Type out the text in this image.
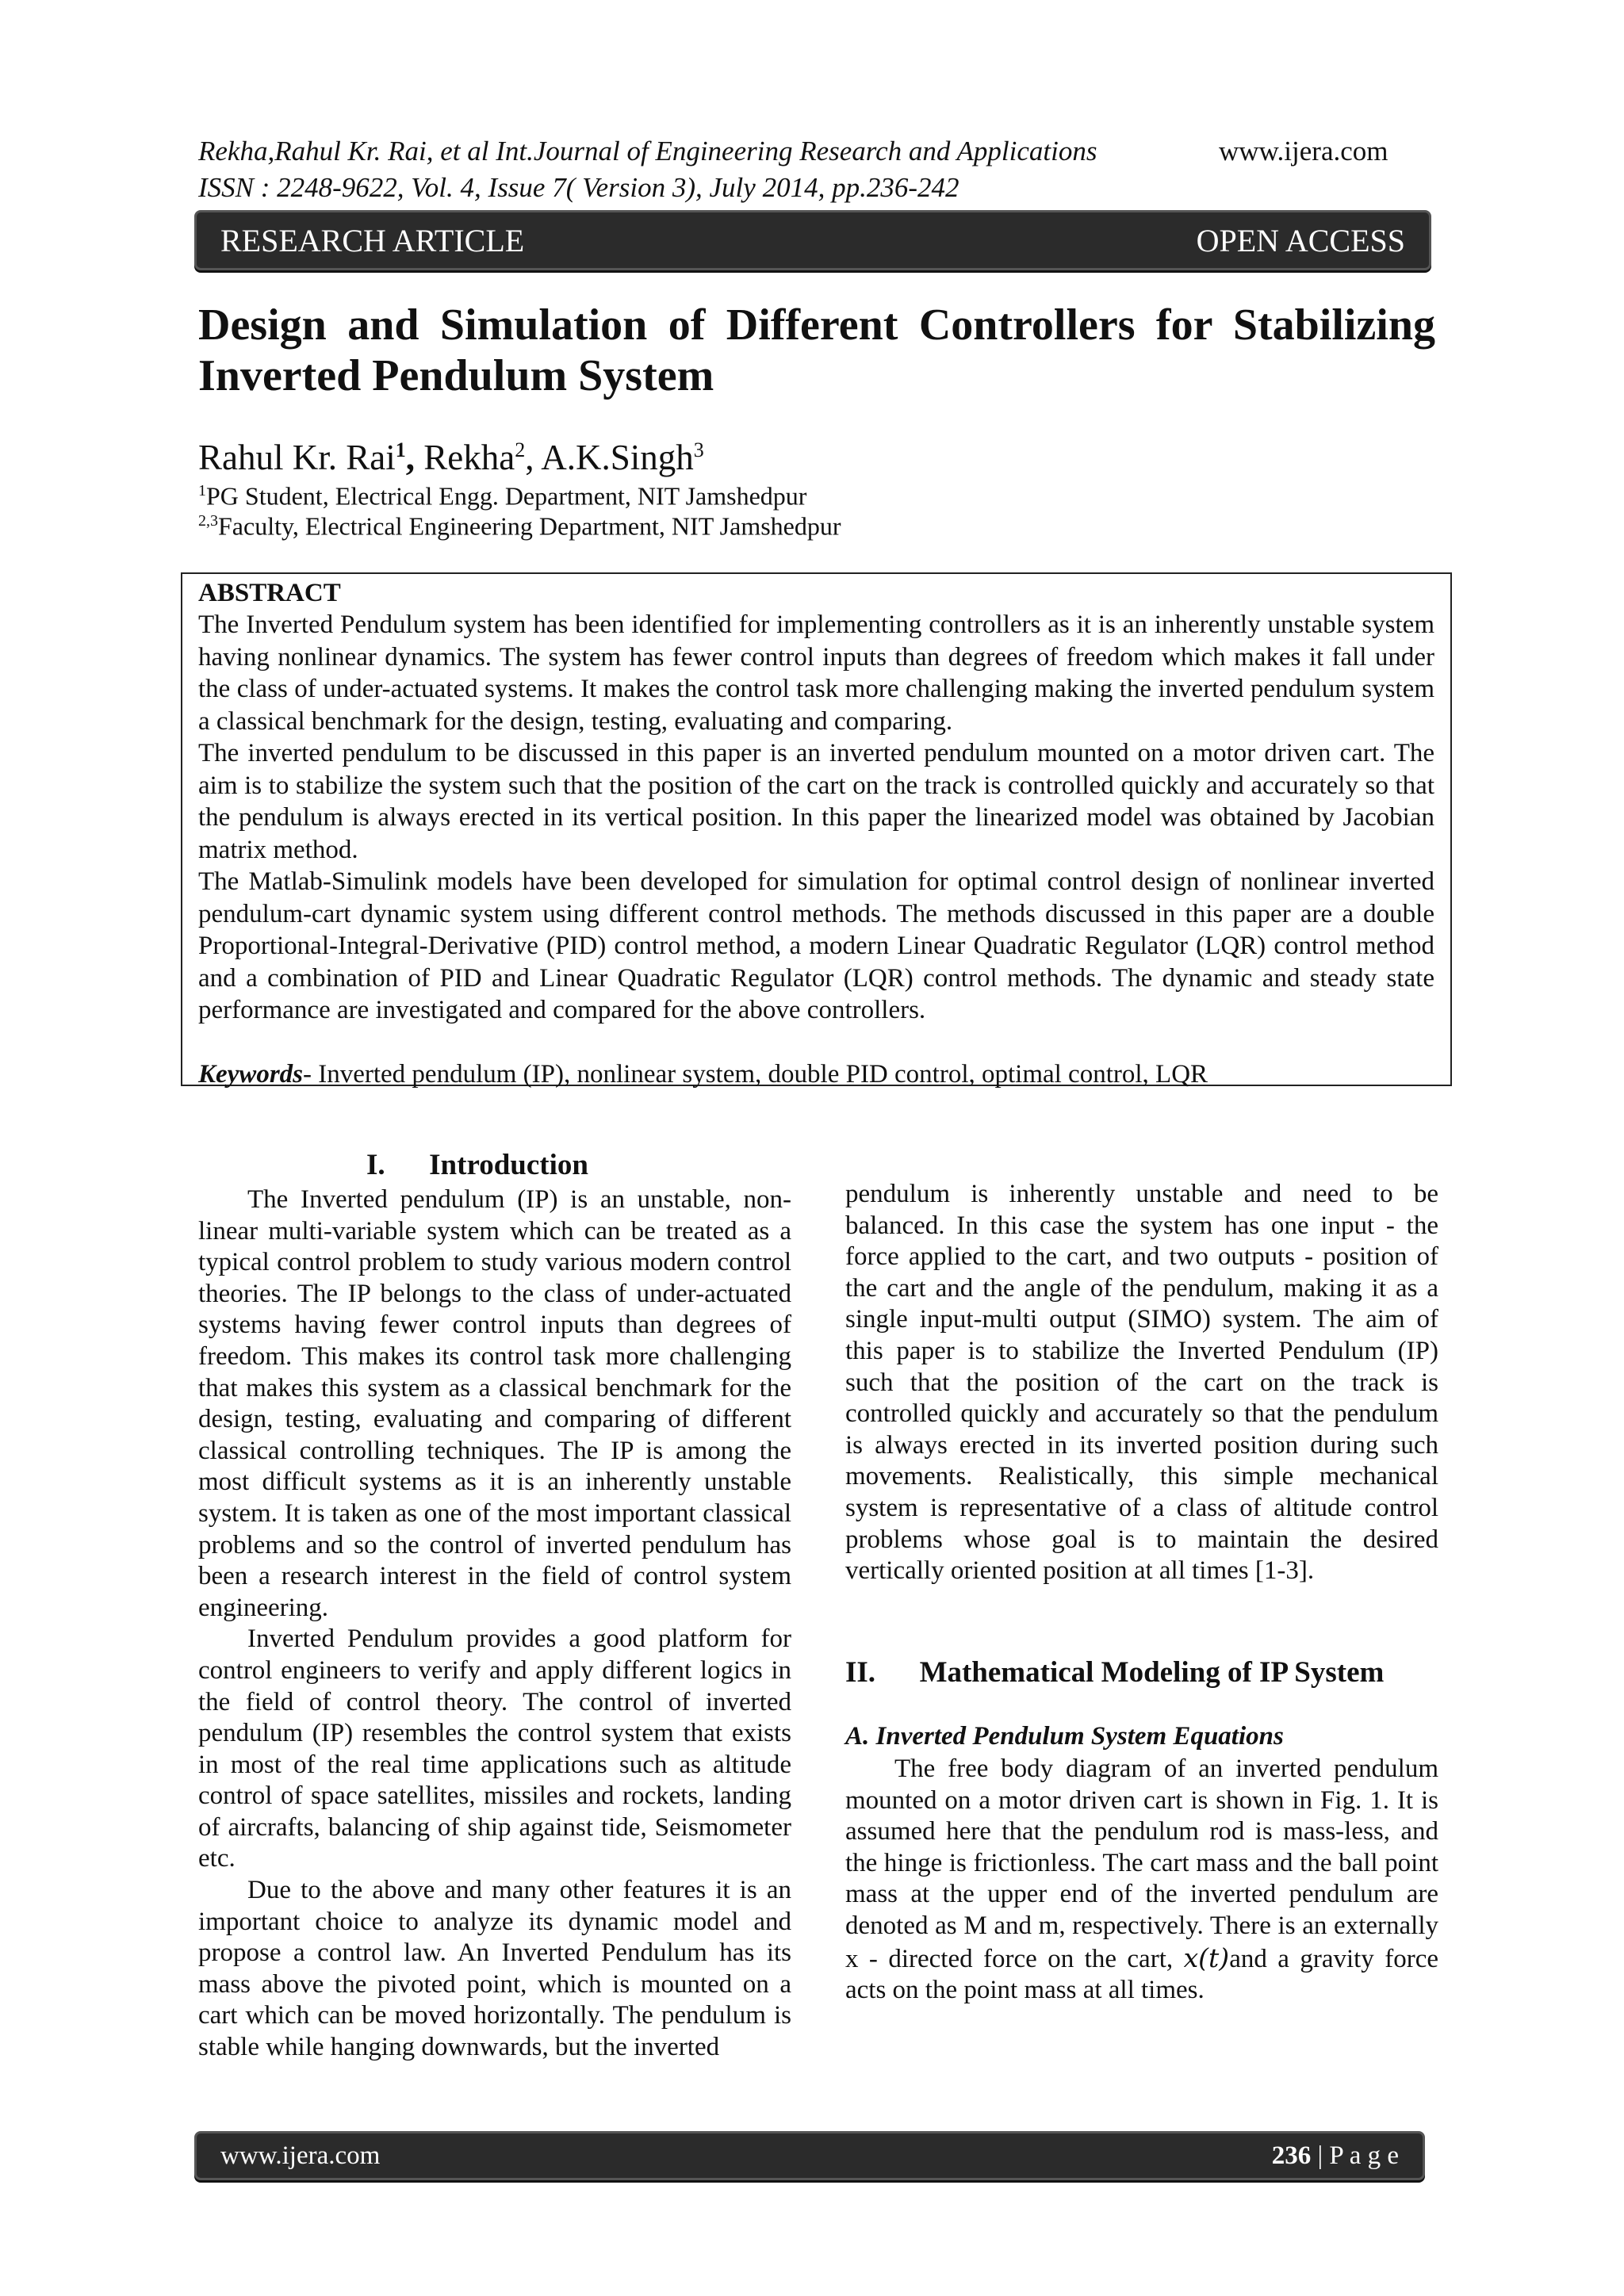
Rekha,Rahul Kr. Rai, et al Int.Journal of Engineering Research and Applications	www.ijera.com
ISSN : 2248-9622, Vol. 4, Issue 7( Version 3), July 2014, pp.236-242
RESEARCH ARTICLE	OPEN ACCESS
Design and Simulation of Different Controllers for Stabilizing
Inverted Pendulum System
Rahul Kr. Rai$^1$, Rekha$^2$, A.K.Singh$^3$
$^1$PG Student, Electrical Engg. Department, NIT Jamshedpur
$^{2,3}$Faculty, Electrical Engineering Department, NIT Jamshedpur
ABSTRACT

The Inverted Pendulum system has been identified for implementing controllers as it is an inherently unstable system having nonlinear dynamics. The system has fewer control inputs than degrees of freedom which makes it fall under the class of under-actuated systems. It makes the control task more challenging making the inverted pendulum system a classical benchmark for the design, testing, evaluating and comparing.

The inverted pendulum to be discussed in this paper is an inverted pendulum mounted on a motor driven cart. The aim is to stabilize the system such that the position of the cart on the track is controlled quickly and accurately so that the pendulum is always erected in its vertical position. In this paper the linearized model was obtained by Jacobian matrix method.

The Matlab-Simulink models have been developed for simulation for optimal control design of nonlinear inverted pendulum-cart dynamic system using different control methods. The methods discussed in this paper are a double Proportional-Integral-Derivative (PID) control method, a modern Linear Quadratic Regulator (LQR) control method and a combination of PID and Linear Quadratic Regulator (LQR) control methods. The dynamic and steady state performance are investigated and compared for the above controllers.

Keywords- Inverted pendulum (IP), nonlinear system, double PID control, optimal control, LQR

I. Introduction

The Inverted pendulum (IP) is an unstable, non-linear multi-variable system which can be treated as a typical control problem to study various modern control theories. The IP belongs to the class of under-actuated systems having fewer control inputs than degrees of freedom. This makes its control task more challenging that makes this system as a classical benchmark for the design, testing, evaluating and comparing of different classical controlling techniques. The IP is among the most difficult systems as it is an inherently unstable system. It is taken as one of the most important classical problems and so the control of inverted pendulum has been a research interest in the field of control system engineering.

Inverted Pendulum provides a good platform for control engineers to verify and apply different logics in the field of control theory. The control of inverted pendulum (IP) resembles the control system that exists in most of the real time applications such as altitude control of space satellites, missiles and rockets, landing of aircrafts, balancing of ship against tide, Seismometer etc.

Due to the above and many other features it is an important choice to analyze its dynamic model and propose a control law. An Inverted Pendulum has its mass above the pivoted point, which is mounted on a cart which can be moved horizontally. The pendulum is stable while hanging downwards, but the inverted

pendulum is inherently unstable and need to be balanced. In this case the system has one input - the force applied to the cart, and two outputs - position of the cart and the angle of the pendulum, making it as a single input-multi output (SIMO) system. The aim of this paper is to stabilize the Inverted Pendulum (IP) such that the position of the cart on the track is controlled quickly and accurately so that the pendulum is always erected in its inverted position during such movements. Realistically, this simple mechanical system is representative of a class of altitude control problems whose goal is to maintain the desired vertically oriented position at all times [1-3].

II. Mathematical Modeling of IP System
A. Inverted Pendulum System Equations

The free body diagram of an inverted pendulum mounted on a motor driven cart is shown in Fig. 1. It is assumed here that the pendulum rod is mass-less, and the hinge is frictionless. The cart mass and the ball point mass at the upper end of the inverted pendulum are denoted as M and m, respectively. There is an externally x - directed force on the cart, x(t)and a gravity force acts on the point mass at all times.

www.ijera.com	236 | P a g e
